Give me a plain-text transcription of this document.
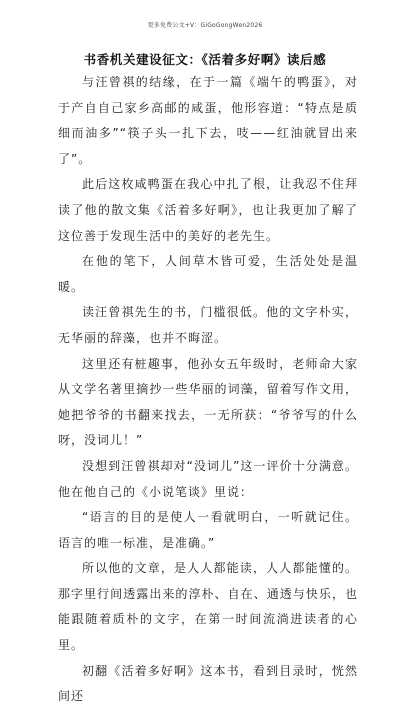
更多免费公文+V：GiGoGongWen2026
书香机关建设征文：《活着多好啊》读后感

与汪曾祺的结缘，在于一篇《端午的鸭蛋》，对于产自自己家乡高邮的咸蛋，他形容道：“特点是质细而油多”“筷子头一扎下去，吱——红油就冒出来了”。

此后这枚咸鸭蛋在我心中扎了根，让我忍不住拜读了他的散文集《活着多好啊》，也让我更加了解了这位善于发现生活中的美好的老先生。

在他的笔下，人间草木皆可爱，生活处处是温暖。

读汪曾祺先生的书，门槛很低。他的文字朴实，无华丽的辞藻，也并不晦涩。

这里还有桩趣事，他孙女五年级时，老师命大家从文学名著里摘抄一些华丽的词藻，留着写作文用，她把爷爷的书翻来找去，一无所获：“爷爷写的什么呀，没词儿！”

没想到汪曾祺却对“没词儿”这一评价十分满意。他在他自己的《小说笔谈》里说：

“语言的目的是使人一看就明白，一听就记住。语言的唯一标准，是准确。”

所以他的文章，是人人都能读，人人都能懂的。那字里行间透露出来的淳朴、自在、通透与快乐，也能跟随着质朴的文字，在第一时间流淌进读者的心里。

初翻《活着多好啊》这本书，看到目录时，恍然间还
